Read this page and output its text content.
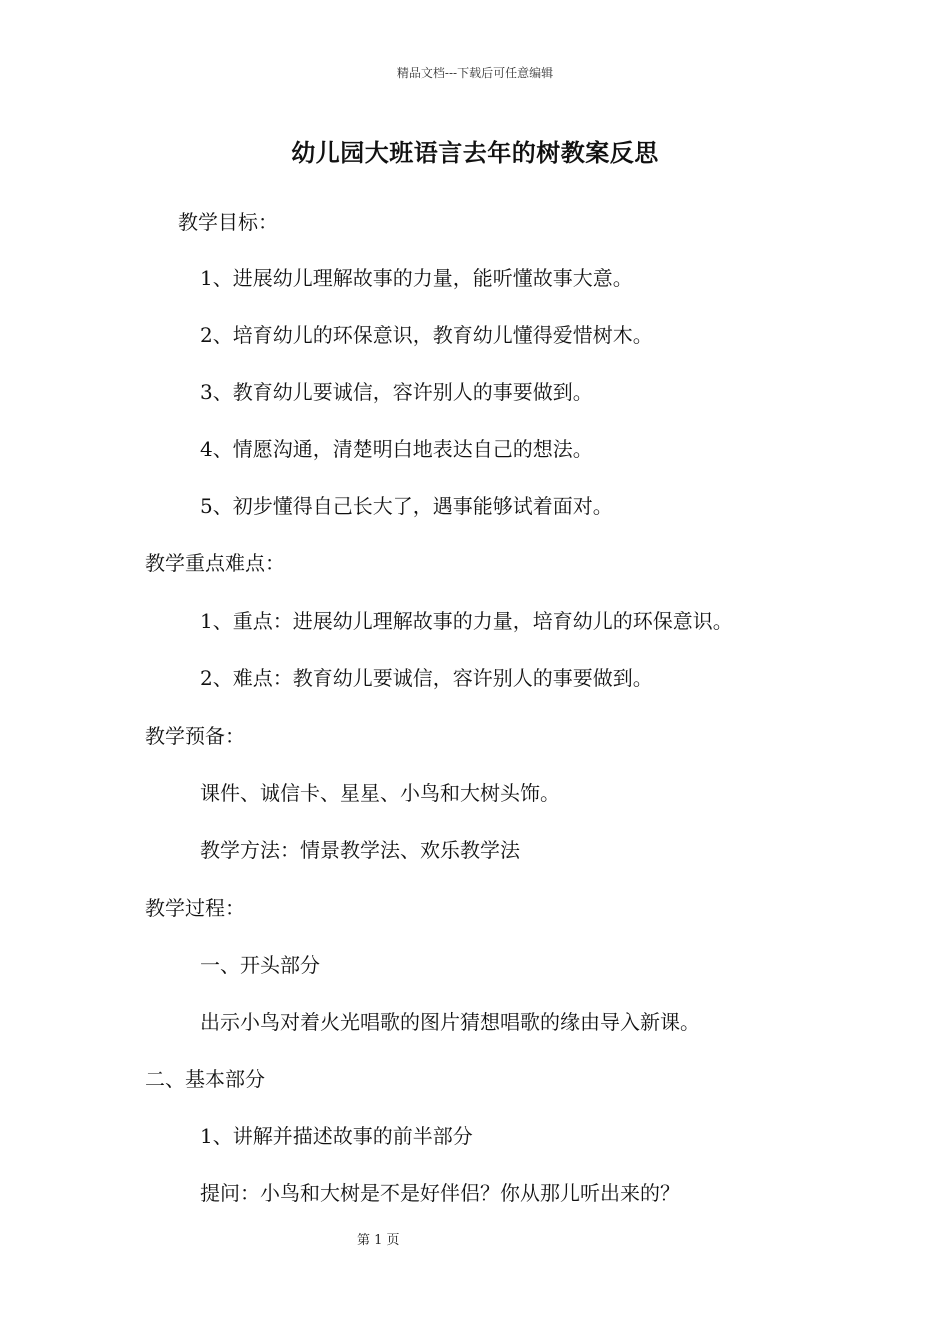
精品文档---下载后可任意编辑
幼儿园大班语言去年的树教案反思
教学目标：
1、进展幼儿理解故事的力量，能听懂故事大意。
2、培育幼儿的环保意识，教育幼儿懂得爱惜树木。
3、教育幼儿要诚信，容许别人的事要做到。
4、情愿沟通，清楚明白地表达自己的想法。
5、初步懂得自己长大了，遇事能够试着面对。
教学重点难点：
1、重点：进展幼儿理解故事的力量，培育幼儿的环保意识。
2、难点：教育幼儿要诚信，容许别人的事要做到。
教学预备：
课件、诚信卡、星星、小鸟和大树头饰。
教学方法：情景教学法、欢乐教学法
教学过程：
一、开头部分
出示小鸟对着火光唱歌的图片猜想唱歌的缘由导入新课。
二、基本部分
1、讲解并描述故事的前半部分
提问：小鸟和大树是不是好伴侣？你从那儿听出来的？
第 1 页
